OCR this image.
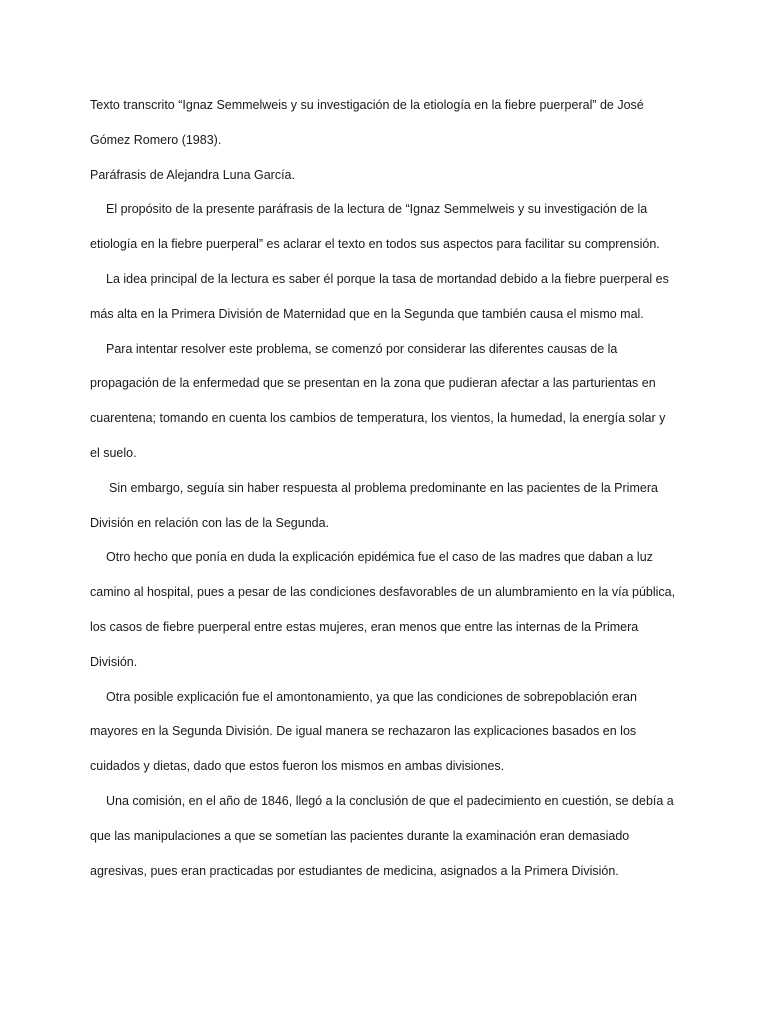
Texto transcrito “Ignaz Semmelweis y su investigación de la etiología en la fiebre puerperal” de José
Gómez Romero (1983).
Paráfrasis de Alejandra Luna García.
El propósito de la presente paráfrasis de la lectura de “Ignaz Semmelweis y su investigación de la
etiología en la fiebre puerperal” es aclarar el texto en todos sus aspectos para facilitar su comprensión.
La idea principal de la lectura es saber él porque la tasa de mortandad debido a la fiebre puerperal es
más alta en la Primera División de Maternidad que en la Segunda que también causa el mismo mal.
Para intentar resolver este problema, se comenzó por considerar las diferentes causas de la
propagación de la enfermedad que se presentan en la zona que pudieran afectar a las parturientas en
cuarentena; tomando en cuenta los cambios de temperatura, los vientos, la humedad, la energía solar y
el suelo.
Sin embargo, seguía sin haber respuesta al problema predominante en las pacientes de la Primera
División en relación con las de la Segunda.
Otro hecho que ponía en duda la explicación epidémica fue el caso de las madres que daban a luz
camino al hospital, pues a pesar de las condiciones desfavorables de un alumbramiento en la vía pública,
los casos de fiebre puerperal entre estas mujeres, eran menos que entre las internas de la Primera
División.
Otra posible explicación fue el amontonamiento, ya que las condiciones de sobrepoblación eran
mayores en la Segunda División. De igual manera se rechazaron las explicaciones basados en los
cuidados y dietas, dado que estos fueron los mismos en ambas divisiones.
Una comisión, en el año de 1846, llegó a la conclusión de que el padecimiento en cuestión, se debía a
que las manipulaciones a que se sometían las pacientes durante la examinación eran demasiado
agresivas, pues eran practicadas por estudiantes de medicina, asignados a la Primera División.
